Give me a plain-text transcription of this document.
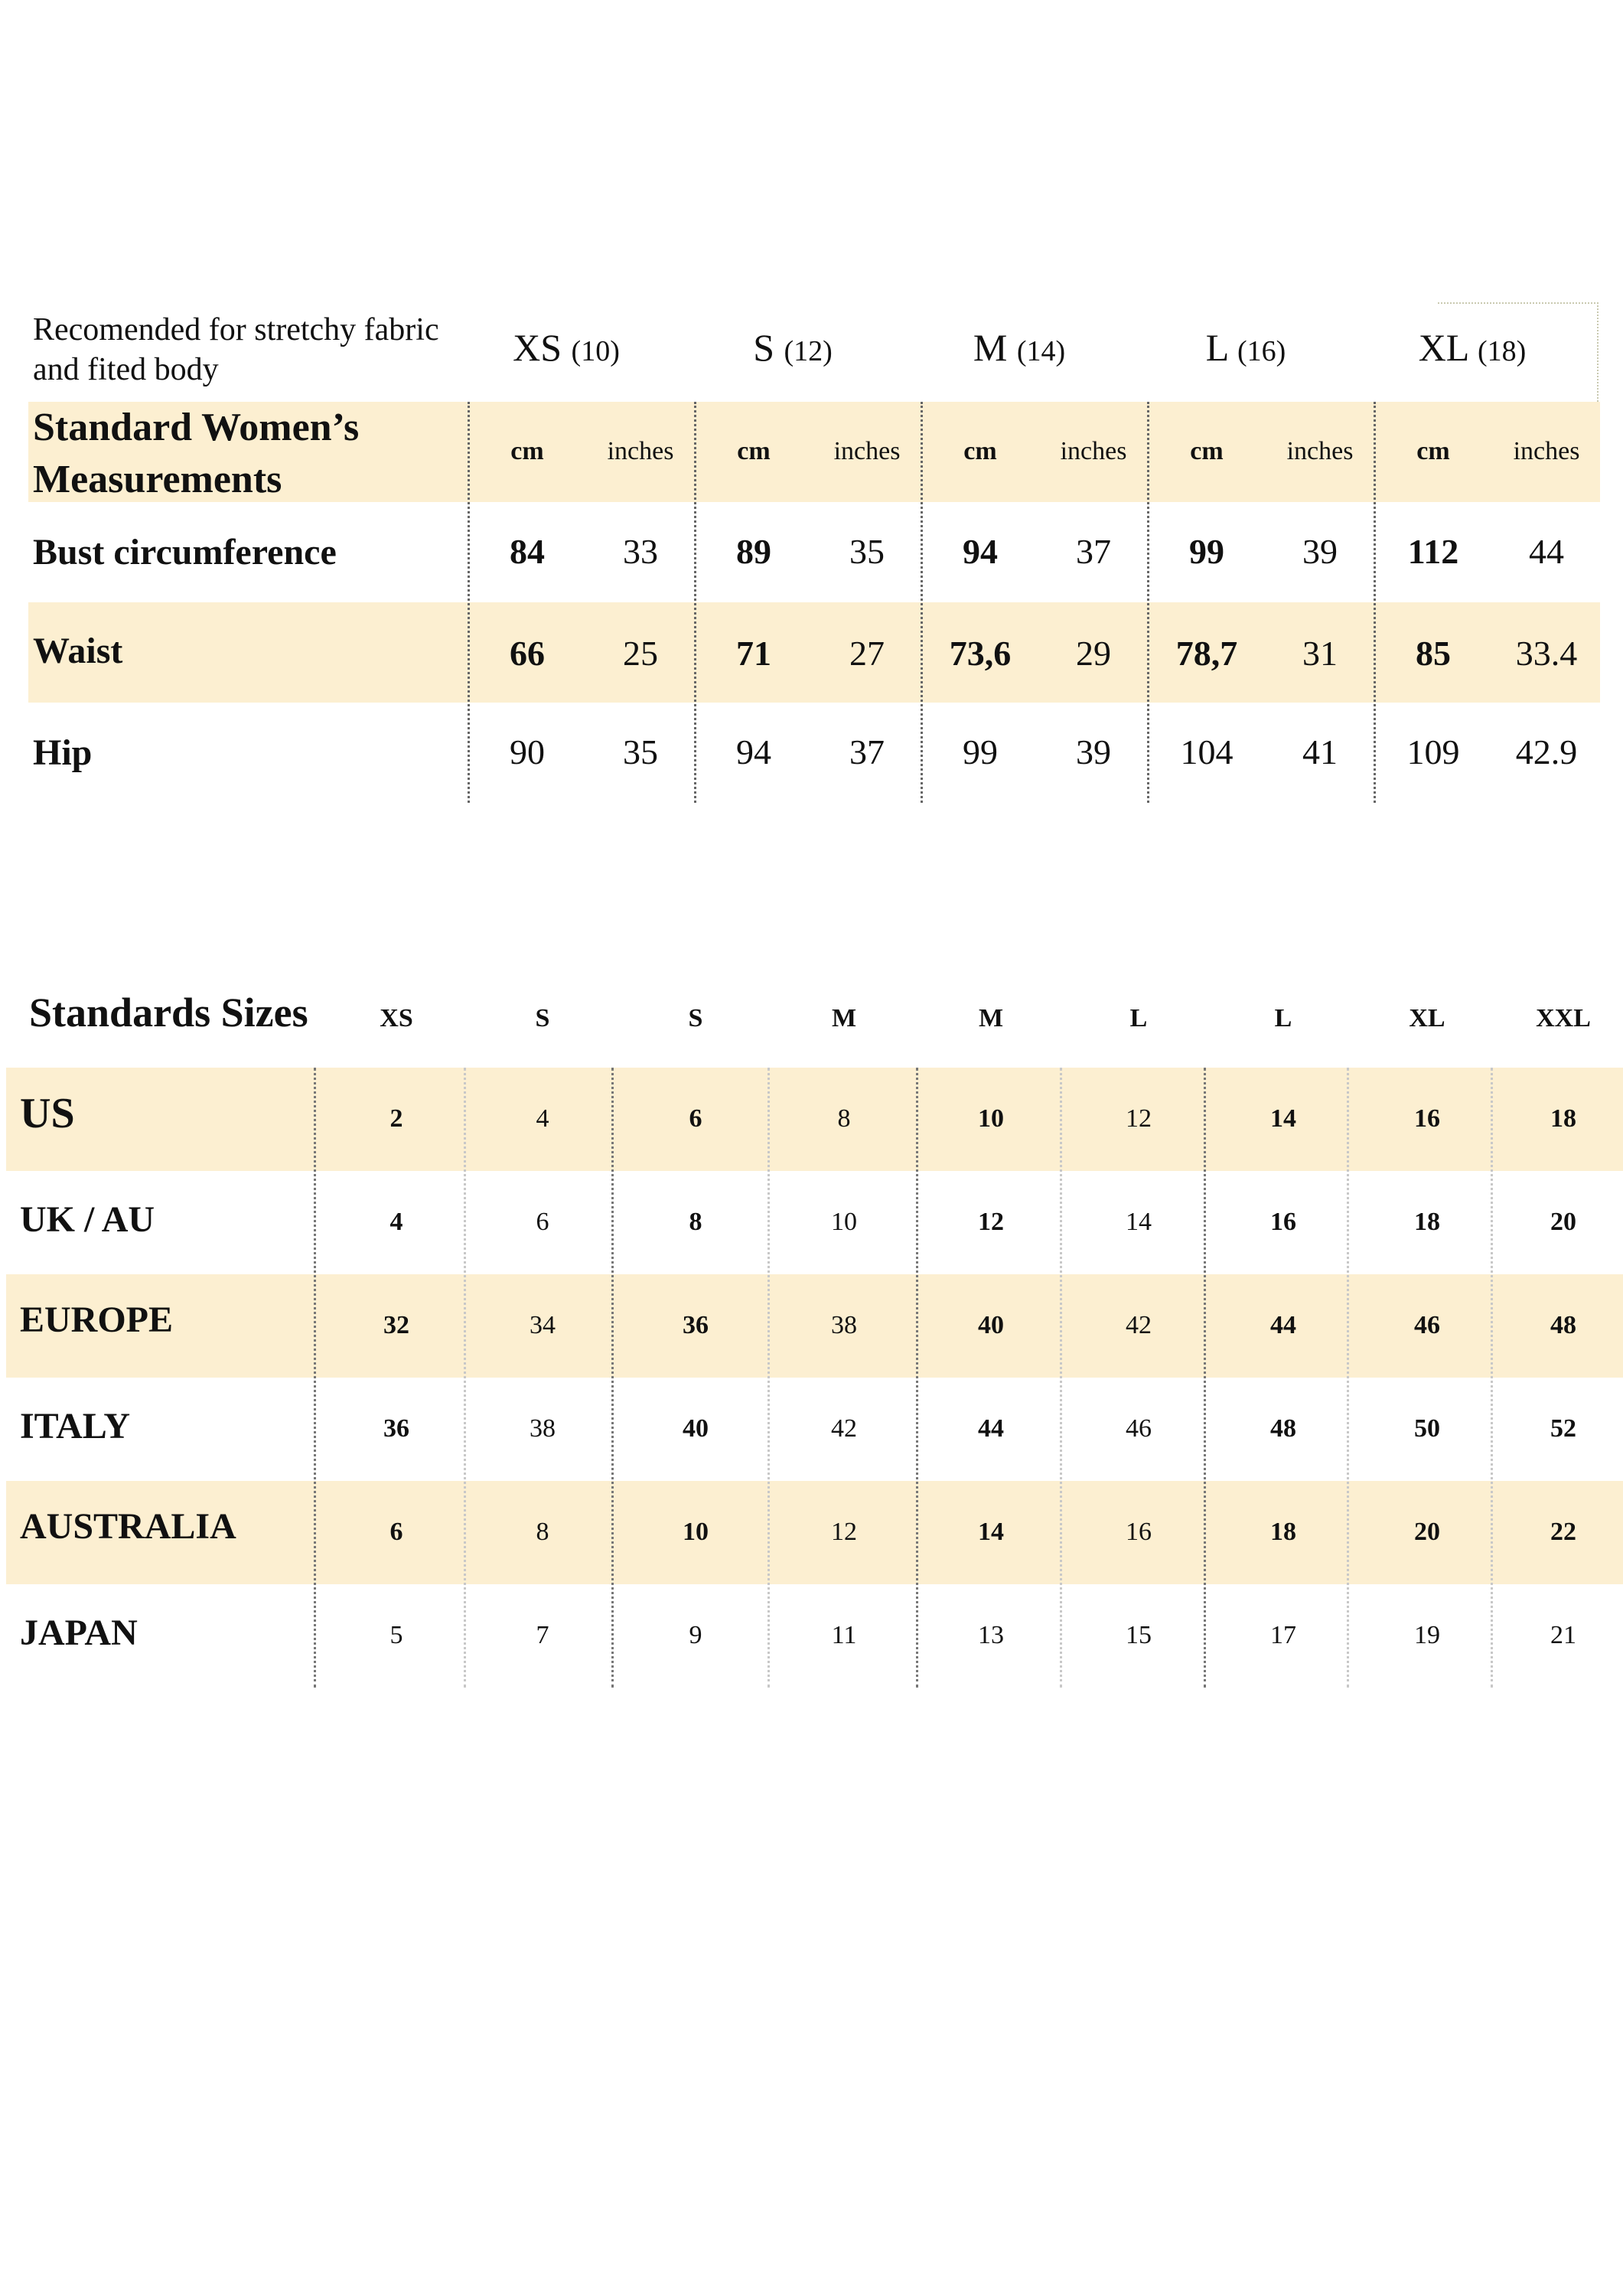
Recomended for stretchy fabric
and fited body
XS (10)	S (12)	M (14)	L (16)	XL (18)
Standard Women’s
Measurements
cm	inches	cm	inches	cm	inches	cm	inches	cm	inches
Bust circumference	84	33	89	35	94	37	99	39	112	44
Waist	66	25	71	27	73,6	29	78,7	31	85	33.4
Hip	90	35	94	37	99	39	104	41	109	42.9
Standards Sizes	XS	S	S	M	M	L	L	XL	XXL
US	2	4	6	8	10	12	14	16	18
UK / AU	4	6	8	10	12	14	16	18	20
EUROPE	32	34	36	38	40	42	44	46	48
ITALY	36	38	40	42	44	46	48	50	52
AUSTRALIA	6	8	10	12	14	16	18	20	22
JAPAN	5	7	9	11	13	15	17	19	21
